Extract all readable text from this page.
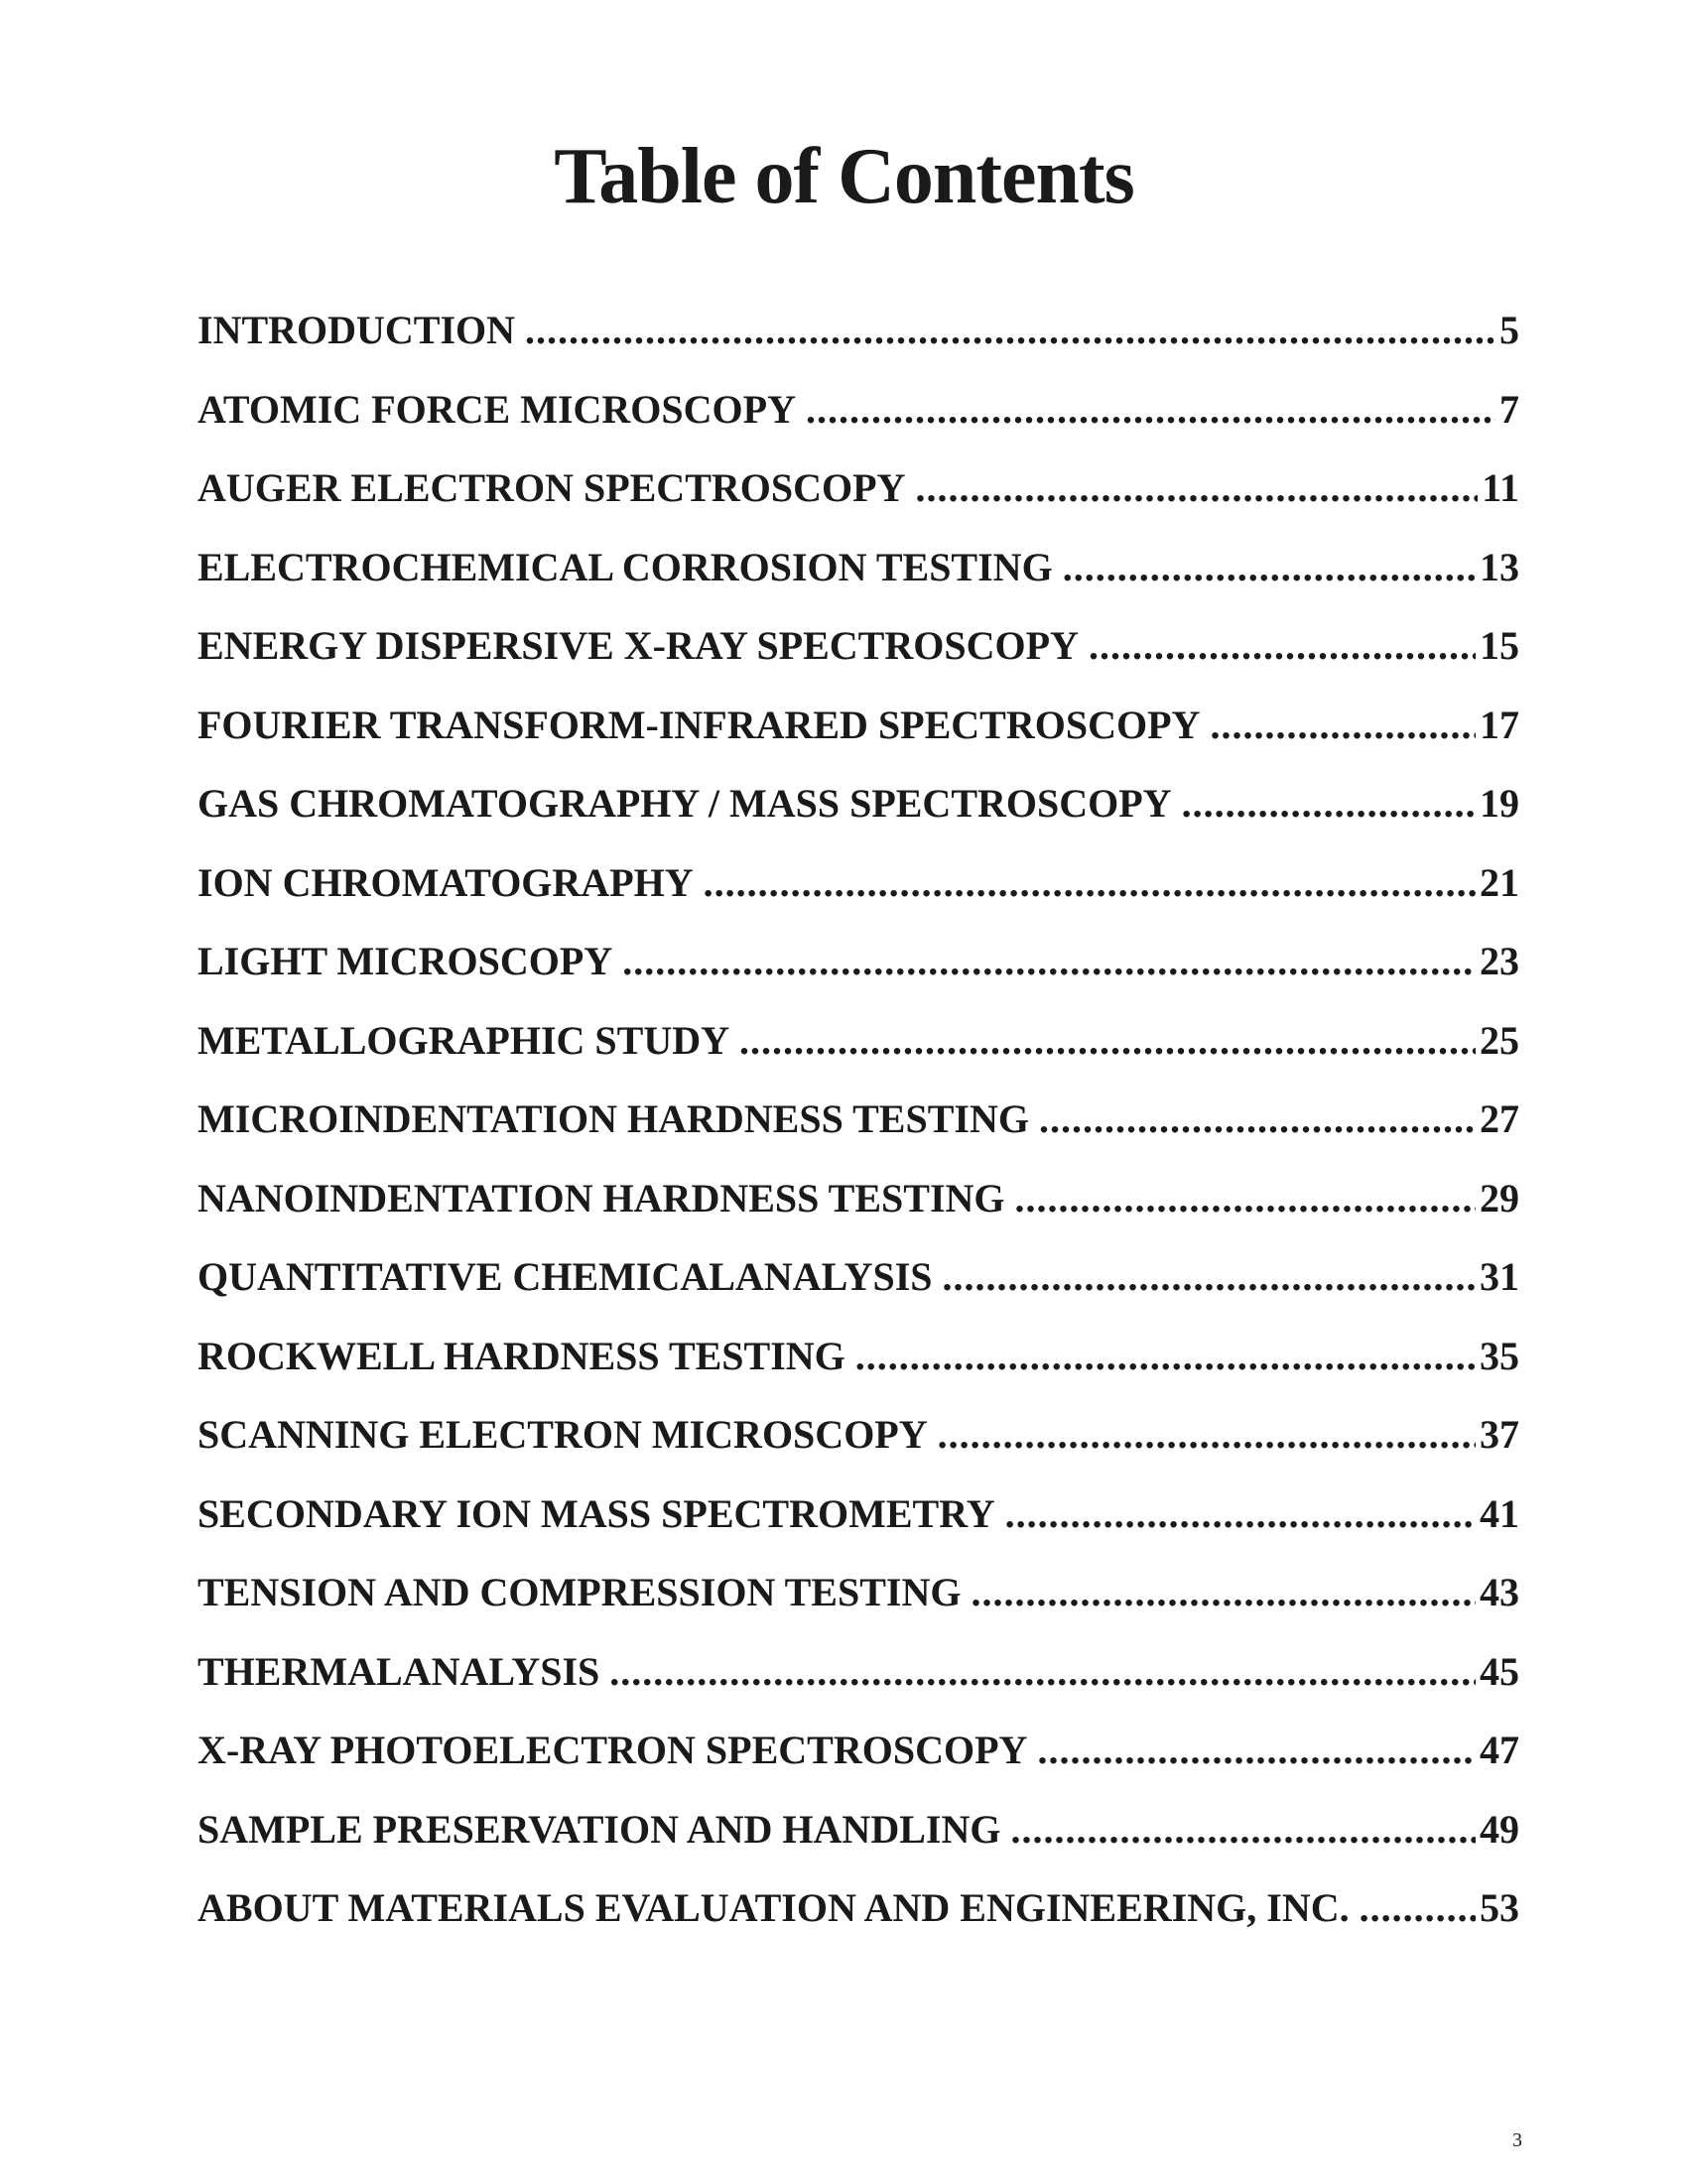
Table of Contents
INTRODUCTION .....	5
ATOMIC FORCE MICROSCOPY .....	7
AUGER ELECTRON SPECTROSCOPY .....	11
ELECTROCHEMICAL CORROSION TESTING .....	13
ENERGY DISPERSIVE X-RAY SPECTROSCOPY .....	15
FOURIER TRANSFORM-INFRARED SPECTROSCOPY .....	17
GAS CHROMATOGRAPHY / MASS SPECTROSCOPY .....	19
ION CHROMATOGRAPHY .....	21
LIGHT MICROSCOPY .....	23
METALLOGRAPHIC STUDY .....	25
MICROINDENTATION HARDNESS TESTING .....	27
NANOINDENTATION HARDNESS TESTING .....	29
QUANTITATIVE CHEMICALANALYSIS .....	31
ROCKWELL HARDNESS TESTING .....	35
SCANNING ELECTRON MICROSCOPY .....	37
SECONDARY ION MASS SPECTROMETRY .....	41
TENSION AND COMPRESSION TESTING .....	43
THERMALANALYSIS .....	45
X-RAY PHOTOELECTRON SPECTROSCOPY .....	47
SAMPLE PRESERVATION AND HANDLING .....	49
ABOUT MATERIALS EVALUATION AND ENGINEERING, INC. .....	53
3
